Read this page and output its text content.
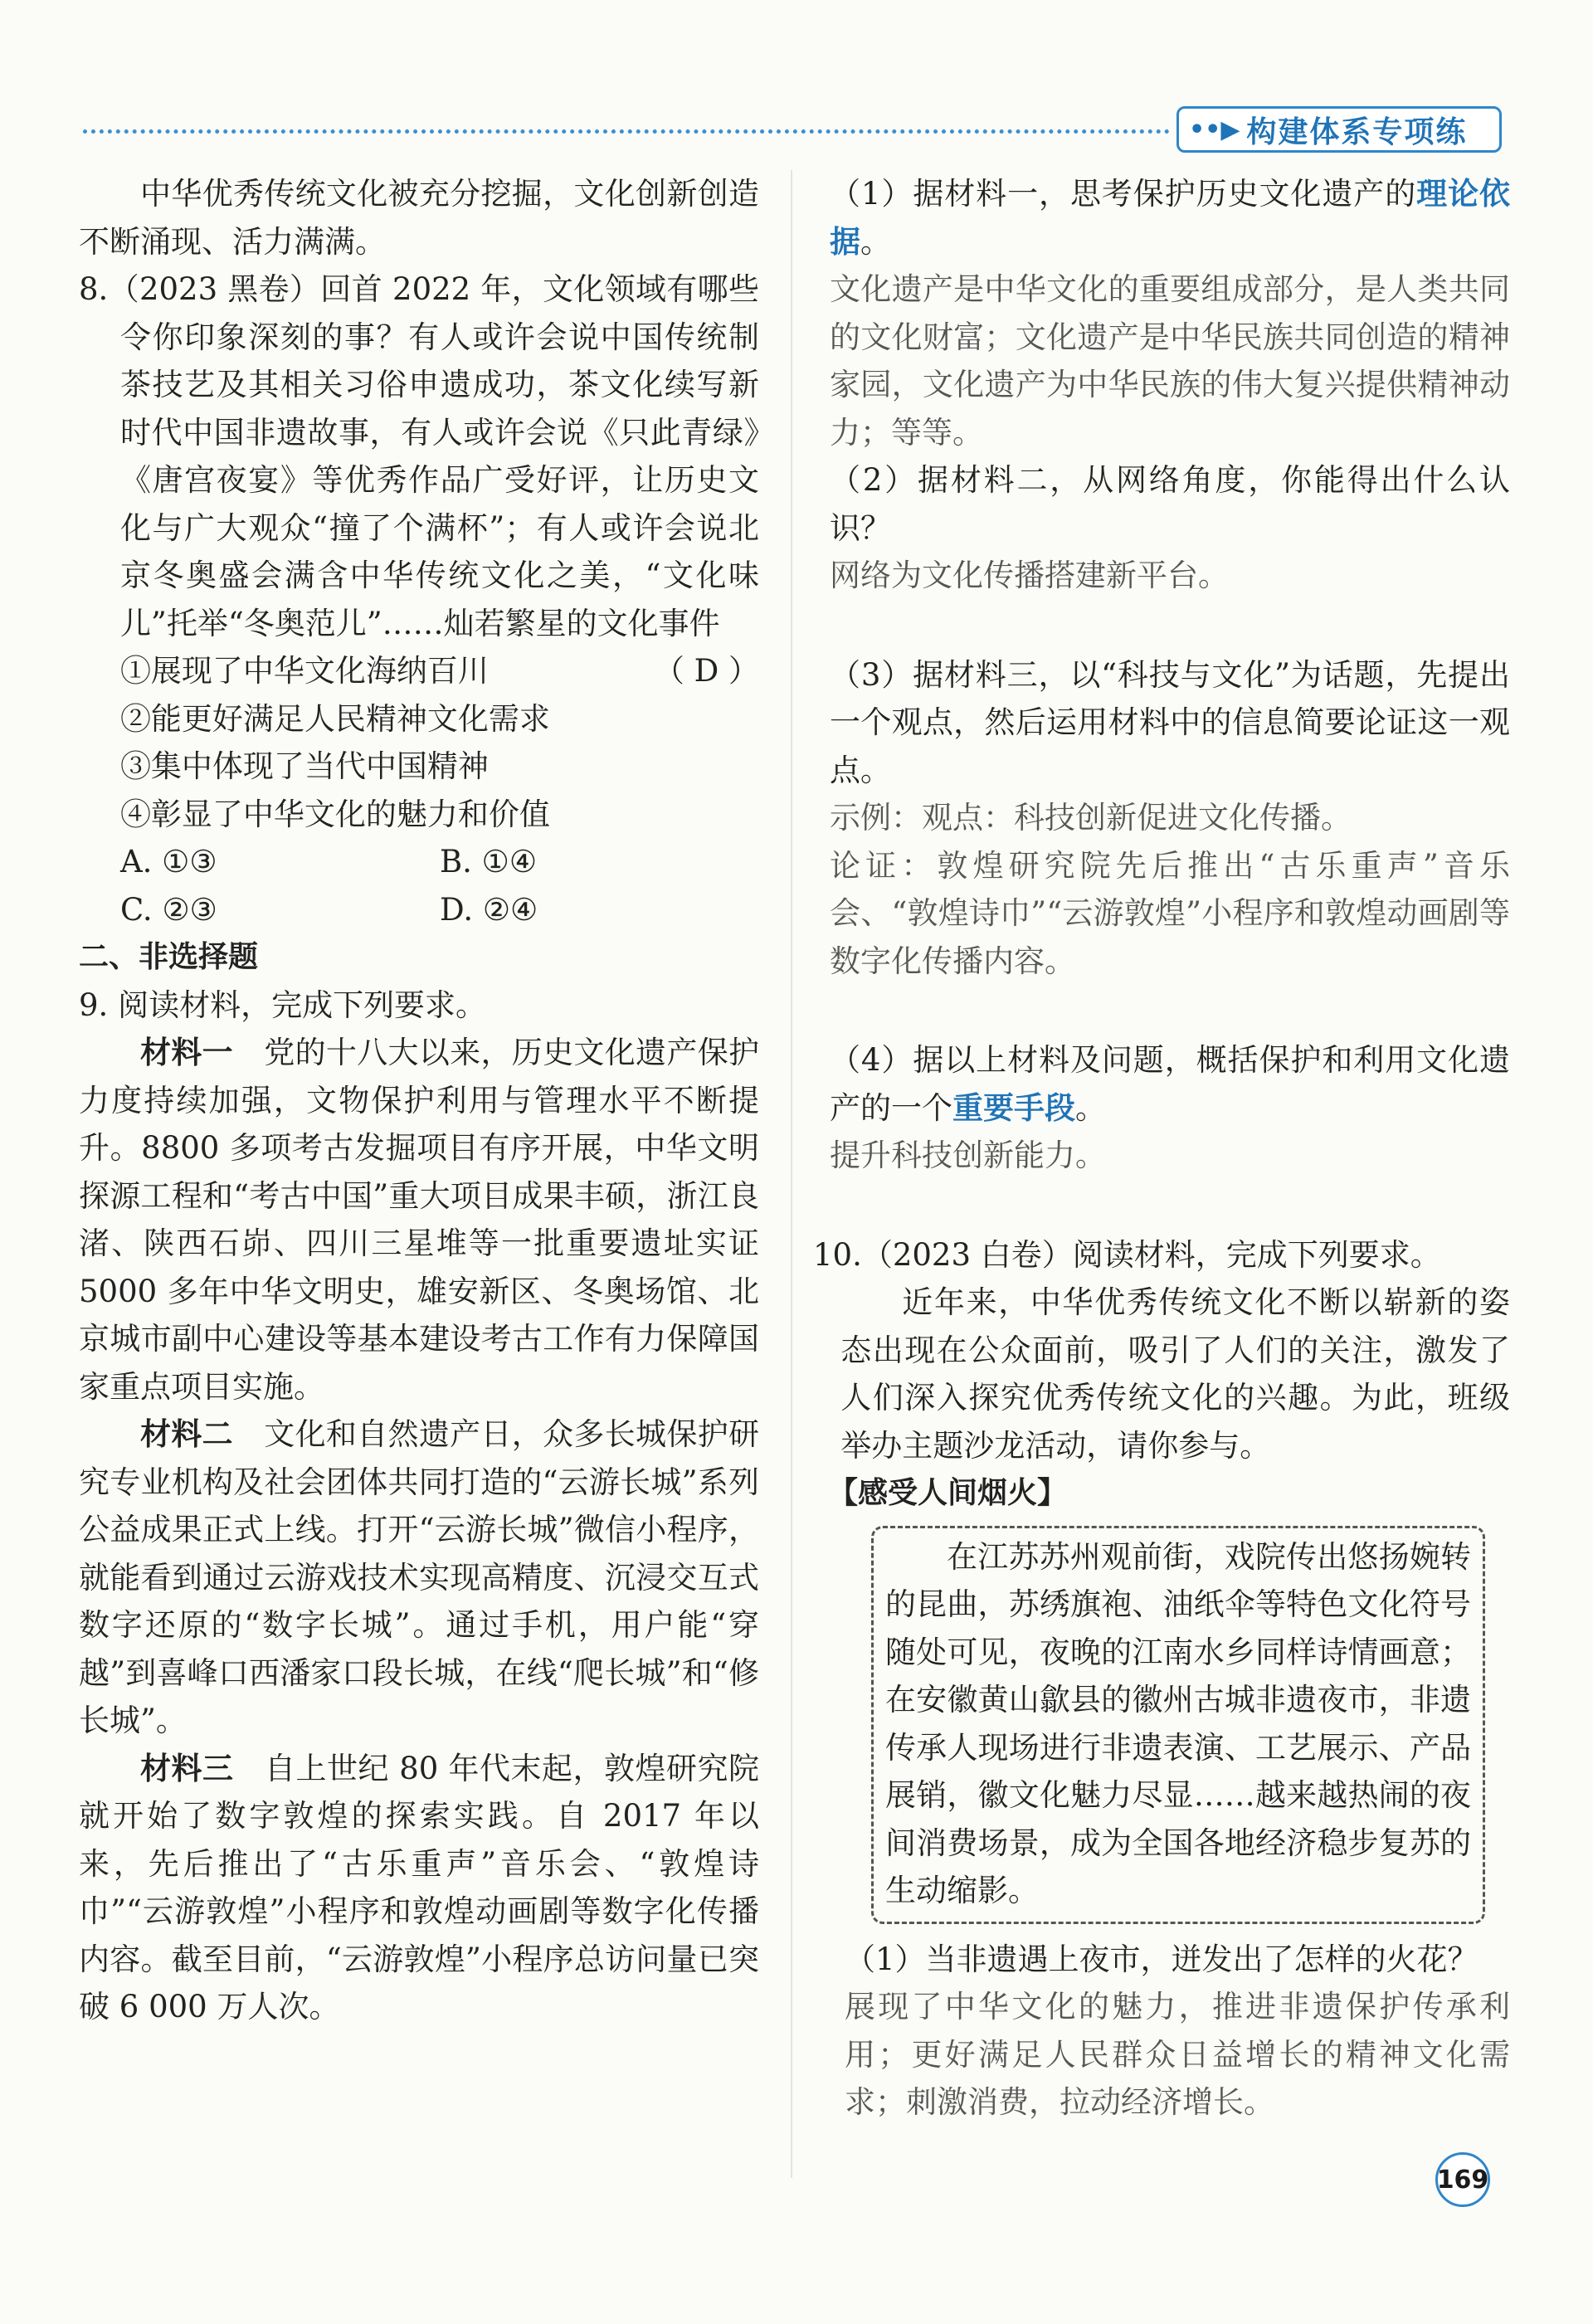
••▶ 构建体系专项练

中华优秀传统文化被充分挖掘，文化创新创造不断涌现、活力满满。

8.（2023 黑卷）回首 2022 年，文化领域有哪些令你印象深刻的事？有人或许会说中国传统制茶技艺及其相关习俗申遗成功，茶文化续写新时代中国非遗故事，有人或许会说《只此青绿》《唐宫夜宴》等优秀作品广受好评，让历史文化与广大观众“撞了个满杯”；有人或许会说北京冬奥盛会满含中华传统文化之美，“文化味儿”托举“冬奥范儿”……灿若繁星的文化事件
（ D ）

①展现了中华文化海纳百川

②能更好满足人民精神文化需求

③集中体现了当代中国精神

④彰显了中华文化的魅力和价值

A. ①③	B. ①④
C. ②③	D. ②④

二、非选择题

9. 阅读材料，完成下列要求。

材料一　党的十八大以来，历史文化遗产保护力度持续加强，文物保护利用与管理水平不断提升。8800 多项考古发掘项目有序开展，中华文明探源工程和“考古中国”重大项目成果丰硕，浙江良渚、陕西石峁、四川三星堆等一批重要遗址实证 5000 多年中华文明史，雄安新区、冬奥场馆、北京城市副中心建设等基本建设考古工作有力保障国家重点项目实施。

材料二　文化和自然遗产日，众多长城保护研究专业机构及社会团体共同打造的“云游长城”系列公益成果正式上线。打开“云游长城”微信小程序，就能看到通过云游戏技术实现高精度、沉浸交互式数字还原的“数字长城”。通过手机，用户能“穿越”到喜峰口西潘家口段长城，在线“爬长城”和“修长城”。

材料三　自上世纪 80 年代末起，敦煌研究院就开始了数字敦煌的探索实践。自 2017 年以来，先后推出了“古乐重声”音乐会、“敦煌诗巾”“云游敦煌”小程序和敦煌动画剧等数字化传播内容。截至目前，“云游敦煌”小程序总访问量已突破 6 000 万人次。

（1）据材料一，思考保护历史文化遗产的理论依据。

文化遗产是中华文化的重要组成部分，是人类共同的文化财富；文化遗产是中华民族共同创造的精神家园，文化遗产为中华民族的伟大复兴提供精神动力；等等。

（2）据材料二，从网络角度，你能得出什么认识？

网络为文化传播搭建新平台。

（3）据材料三，以“科技与文化”为话题，先提出一个观点，然后运用材料中的信息简要论证这一观点。

示例：观点：科技创新促进文化传播。

论证：敦煌研究院先后推出“古乐重声”音乐会、“敦煌诗巾”“云游敦煌”小程序和敦煌动画剧等数字化传播内容。

（4）据以上材料及问题，概括保护和利用文化遗产的一个重要手段。

提升科技创新能力。

10.（2023 白卷）阅读材料，完成下列要求。

近年来，中华优秀传统文化不断以崭新的姿态出现在公众面前，吸引了人们的关注，激发了人们深入探究优秀传统文化的兴趣。为此，班级举办主题沙龙活动，请你参与。

【感受人间烟火】

在江苏苏州观前街，戏院传出悠扬婉转的昆曲，苏绣旗袍、油纸伞等特色文化符号随处可见，夜晚的江南水乡同样诗情画意；在安徽黄山歙县的徽州古城非遗夜市，非遗传承人现场进行非遗表演、工艺展示、产品展销，徽文化魅力尽显……越来越热闹的夜间消费场景，成为全国各地经济稳步复苏的生动缩影。

（1）当非遗遇上夜市，迸发出了怎样的火花？

展现了中华文化的魅力，推进非遗保护传承利用；更好满足人民群众日益增长的精神文化需求；刺激消费，拉动经济增长。

169
